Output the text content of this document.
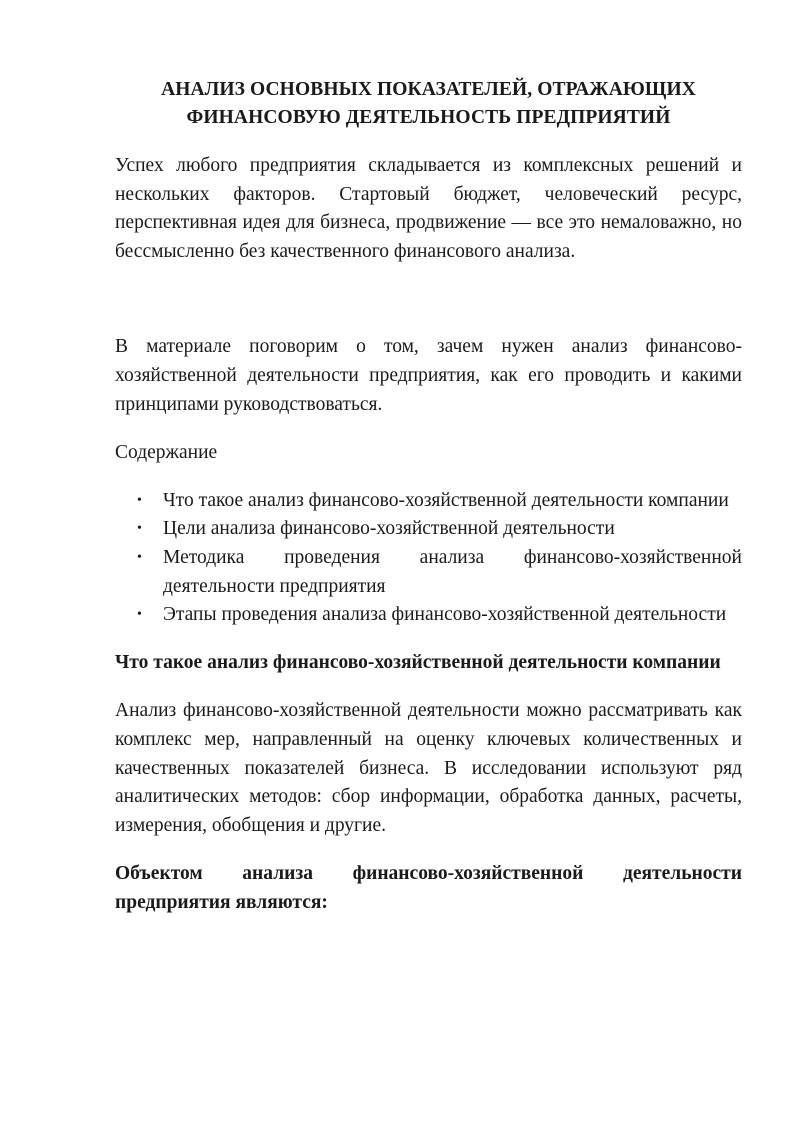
АНАЛИЗ ОСНОВНЫХ ПОКАЗАТЕЛЕЙ, ОТРАЖАЮЩИХ ФИНАНСОВУЮ ДЕЯТЕЛЬНОСТЬ ПРЕДПРИЯТИЙ

Успех любого предприятия складывается из комплексных решений и нескольких факторов. Стартовый бюджет, человеческий ресурс, перспективная идея для бизнеса, продвижение — все это немаловажно, но бессмысленно без качественного финансового анализа.

В материале поговорим о том, зачем нужен анализ финансово-хозяйственной деятельности предприятия, как его проводить и какими принципами руководствоваться.

Содержание

• Что такое анализ финансово-хозяйственной деятельности компании
• Цели анализа финансово-хозяйственной деятельности
• Методика проведения анализа финансово-хозяйственной деятельности предприятия
• Этапы проведения анализа финансово-хозяйственной деятельности
Что такое анализ финансово-хозяйственной деятельности компании

Анализ финансово-хозяйственной деятельности можно рассматривать как комплекс мер, направленный на оценку ключевых количественных и качественных показателей бизнеса. В исследовании используют ряд аналитических методов: сбор информации, обработка данных, расчеты, измерения, обобщения и другие.

Объектом анализа финансово-хозяйственной деятельности предприятия являются:
